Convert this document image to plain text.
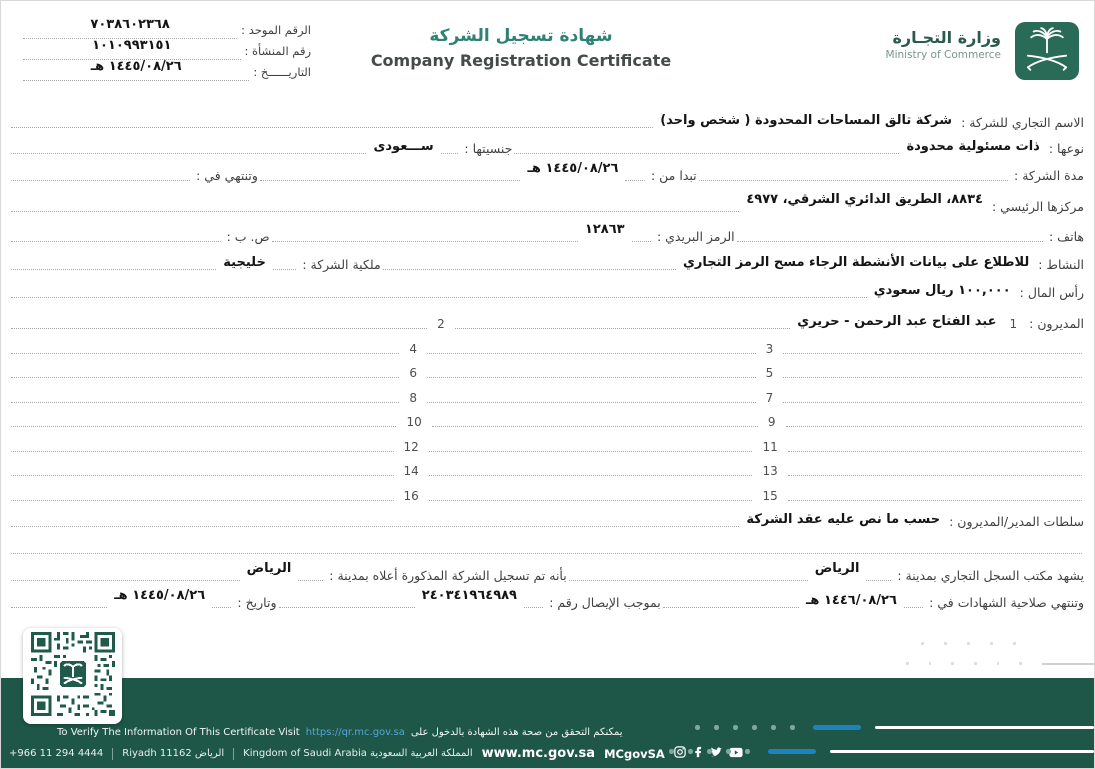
وزارة التجـارة
Ministry of Commerce
شهادة تسجيل الشركة
Company Registration Certificate
الرقم الموحد :
٧٠٣٨٦٠٢٣٦٨
رقم المنشأة :
١٠١٠٩٩٣١٥١
التاريــــــخ :
١٤٤٥/٠٨/٢٦ هـ
الاسم التجاري للشركة :
شركة تالق المساحات المحدودة ( شخص واحد)
نوعها :
ذات مسئولية محدودة
جنسيتها :
ســـعودى
مدة الشركة :
تبدا من :
١٤٤٥/٠٨/٢٦ هـ
وتنتهي في :
مركزها الرئيسي :
٨٨٣٤، الطريق الدائري الشرقي، ٤٩٧٧
هاتف :
الرمز البريدي :
١٢٨٦٣
ص. ب :
النشاط :
للاطلاع على بيانات الأنشطة الرجاء مسح الرمز التجاري
ملكية الشركة :
خليجية
رأس المال :
١٠٠,٠٠٠ ريال سعودي
المديرون :
1
عبد الفتاح عبد الرحمن - حريري
2
3
4
5
6
7
8
9
10
11
12
13
14
15
16
سلطات المدير/المديرون :
حسب ما نص عليه عقد الشركة
يشهد مكتب السجل التجاري بمدينة :
الرياض
بأنه تم تسجيل الشركة المذكورة أعلاه بمدينة :
الرياض
وتنتهي صلاحية الشهادات في :
١٤٤٦/٠٨/٢٦ هـ
بموجب الإيصال رقم :
٢٤٠٣٤١٩٦٤٩٨٩
وتاريخ :
١٤٤٥/٠٨/٢٦ هـ
To Verify The Information Of This Certificate Visit https://qr.mc.gov.sa يمكنكم التحقق من صحة هذه الشهادة بالدخول على
+966 11 294 4444 Riyadh 11162 الرياض Kingdom of Saudi Arabia المملكة العربية السعودية www.mc.gov.sa MCgovSA
